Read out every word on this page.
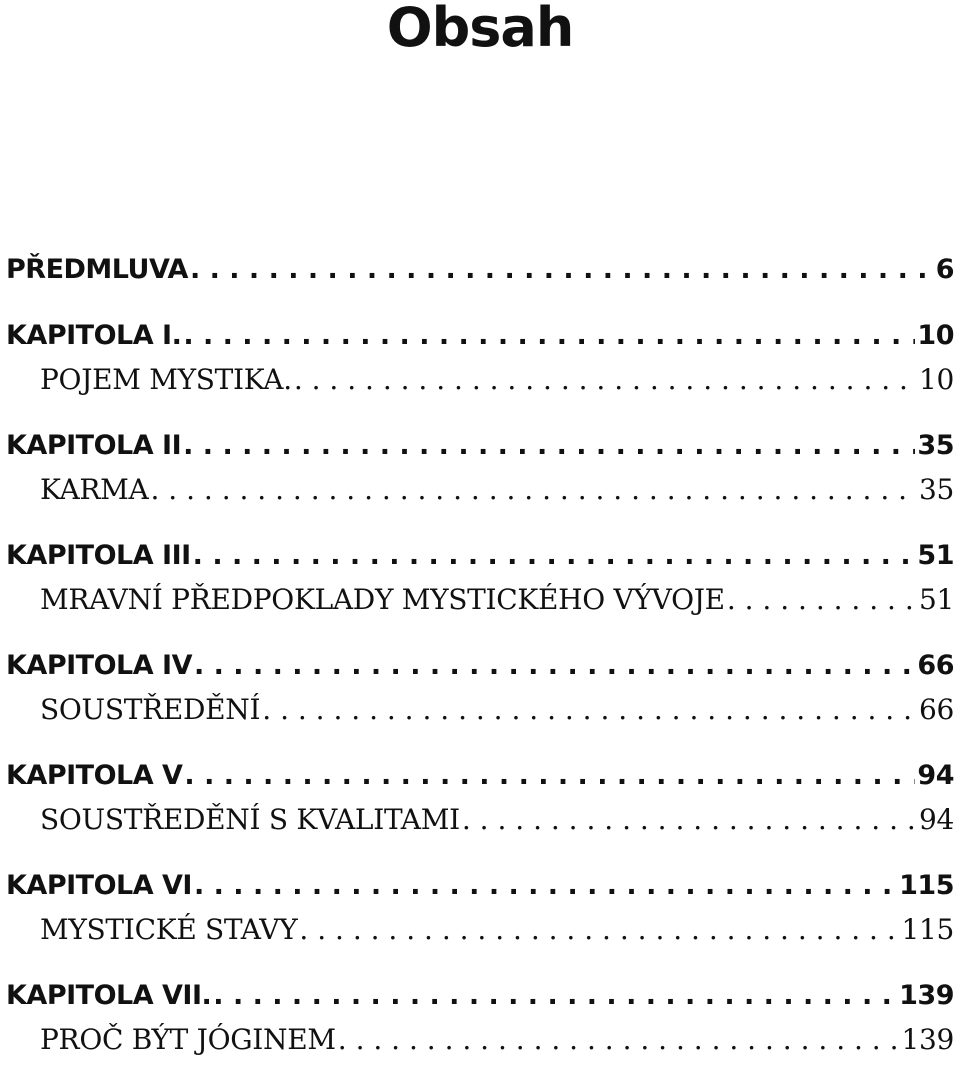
Obsah
PŘEDMLUVA . . .	6
KAPITOLA I. . . .	10
POJEM MYSTIKA. . . .	10
KAPITOLA II . . .	35
KARMA . . .	35
KAPITOLA III . . .	51
MRAVNÍ PŘEDPOKLADY MYSTICKÉHO VÝVOJE . . .	51
KAPITOLA IV . . .	66
SOUSTŘEDĚNÍ . . .	66
KAPITOLA V . . .	94
SOUSTŘEDĚNÍ S KVALITAMI . . .	94
KAPITOLA VI . . .	115
MYSTICKÉ STAVY . . .	115
KAPITOLA VII. . . .	139
PROČ BÝT JÓGINEM . . .	139
